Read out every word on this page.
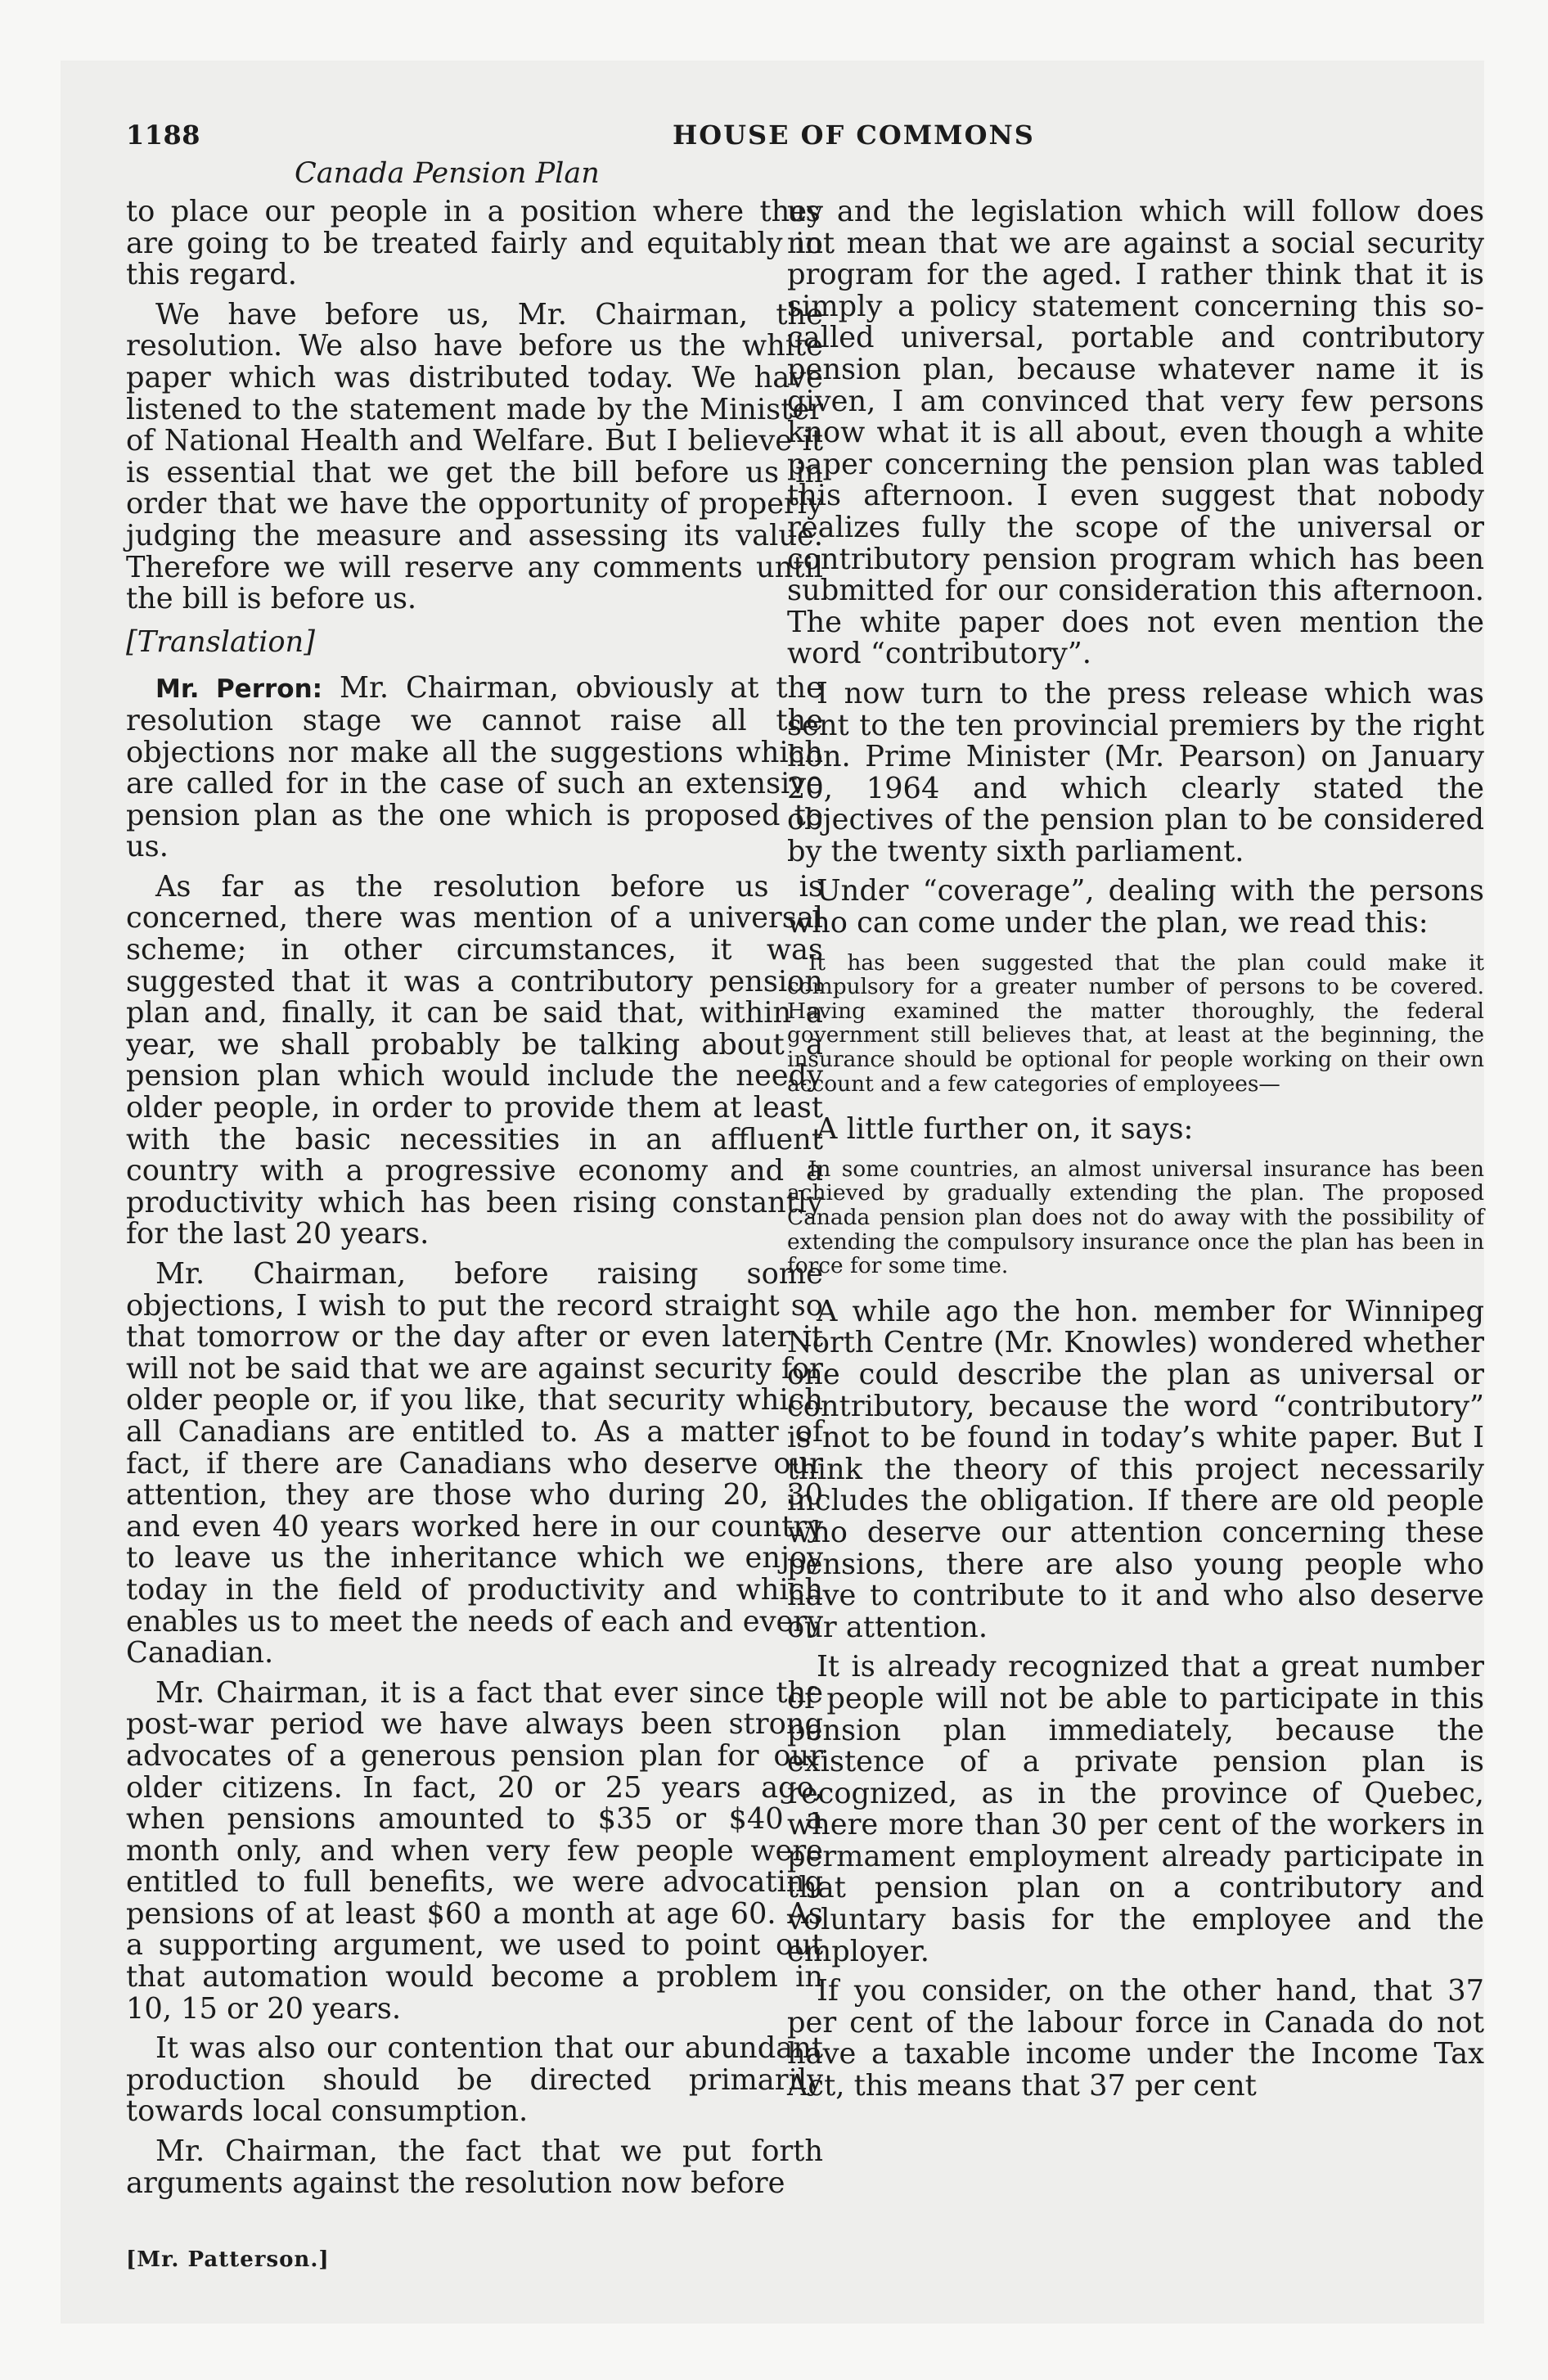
1188	HOUSE OF COMMONS
Canada Pension Plan

to place our people in a position where they are going to be treated fairly and equitably in this regard.

We have before us, Mr. Chairman, the resolution. We also have before us the white paper which was distributed today. We have listened to the statement made by the Minister of National Health and Welfare. But I believe it is essential that we get the bill before us in order that we have the opportunity of properly judging the measure and assessing its value. Therefore we will reserve any comments until the bill is before us.

[Translation]

Mr. Perron: Mr. Chairman, obviously at the resolution stage we cannot raise all the objections nor make all the suggestions which are called for in the case of such an extensive pension plan as the one which is proposed to us.

As far as the resolution before us is concerned, there was mention of a universal scheme; in other circumstances, it was suggested that it was a contributory pension plan and, finally, it can be said that, within a year, we shall probably be talking about a pension plan which would include the needy older people, in order to provide them at least with the basic necessities in an affluent country with a progressive economy and a productivity which has been rising constantly for the last 20 years.

Mr. Chairman, before raising some objections, I wish to put the record straight so that tomorrow or the day after or even later it will not be said that we are against security for older people or, if you like, that security which all Canadians are entitled to. As a matter of fact, if there are Canadians who deserve our attention, they are those who during 20, 30 and even 40 years worked here in our country to leave us the inheritance which we enjoy today in the field of productivity and which enables us to meet the needs of each and every Canadian.

Mr. Chairman, it is a fact that ever since the post-war period we have always been strong advocates of a generous pension plan for our older citizens. In fact, 20 or 25 years ago, when pensions amounted to $35 or $40 a month only, and when very few people were entitled to full benefits, we were advocating pensions of at least $60 a month at age 60. As a supporting argument, we used to point out that automation would become a problem in 10, 15 or 20 years.

It was also our contention that our abundant production should be directed primarily towards local consumption.

Mr. Chairman, the fact that we put forth arguments against the resolution now before

us and the legislation which will follow does not mean that we are against a social security program for the aged. I rather think that it is simply a policy statement concerning this so-called universal, portable and contributory pension plan, because whatever name it is given, I am convinced that very few persons know what it is all about, even though a white paper concerning the pension plan was tabled this afternoon. I even suggest that nobody realizes fully the scope of the universal or contributory pension program which has been submitted for our consideration this afternoon. The white paper does not even mention the word “contributory”.

I now turn to the press release which was sent to the ten provincial premiers by the right hon. Prime Minister (Mr. Pearson) on January 20, 1964 and which clearly stated the objectives of the pension plan to be considered by the twenty sixth parliament.

Under “coverage”, dealing with the persons who can come under the plan, we read this:

It has been suggested that the plan could make it compulsory for a greater number of persons to be covered. Having examined the matter thoroughly, the federal government still believes that, at least at the beginning, the insurance should be optional for people working on their own account and a few categories of employees—

A little further on, it says:

In some countries, an almost universal insurance has been achieved by gradually extending the plan. The proposed Canada pension plan does not do away with the possibility of extending the compulsory insurance once the plan has been in force for some time.

A while ago the hon. member for Winnipeg North Centre (Mr. Knowles) wondered whether one could describe the plan as universal or contributory, because the word “contributory” is not to be found in today’s white paper. But I think the theory of this project necessarily includes the obligation. If there are old people who deserve our attention concerning these pensions, there are also young people who have to contribute to it and who also deserve our attention.

It is already recognized that a great number of people will not be able to participate in this pension plan immediately, because the existence of a private pension plan is recognized, as in the province of Quebec, where more than 30 per cent of the workers in permament employment already participate in that pension plan on a contributory and voluntary basis for the employee and the employer.

If you consider, on the other hand, that 37 per cent of the labour force in Canada do not have a taxable income under the Income Tax Act, this means that 37 per cent

[Mr. Patterson.]
